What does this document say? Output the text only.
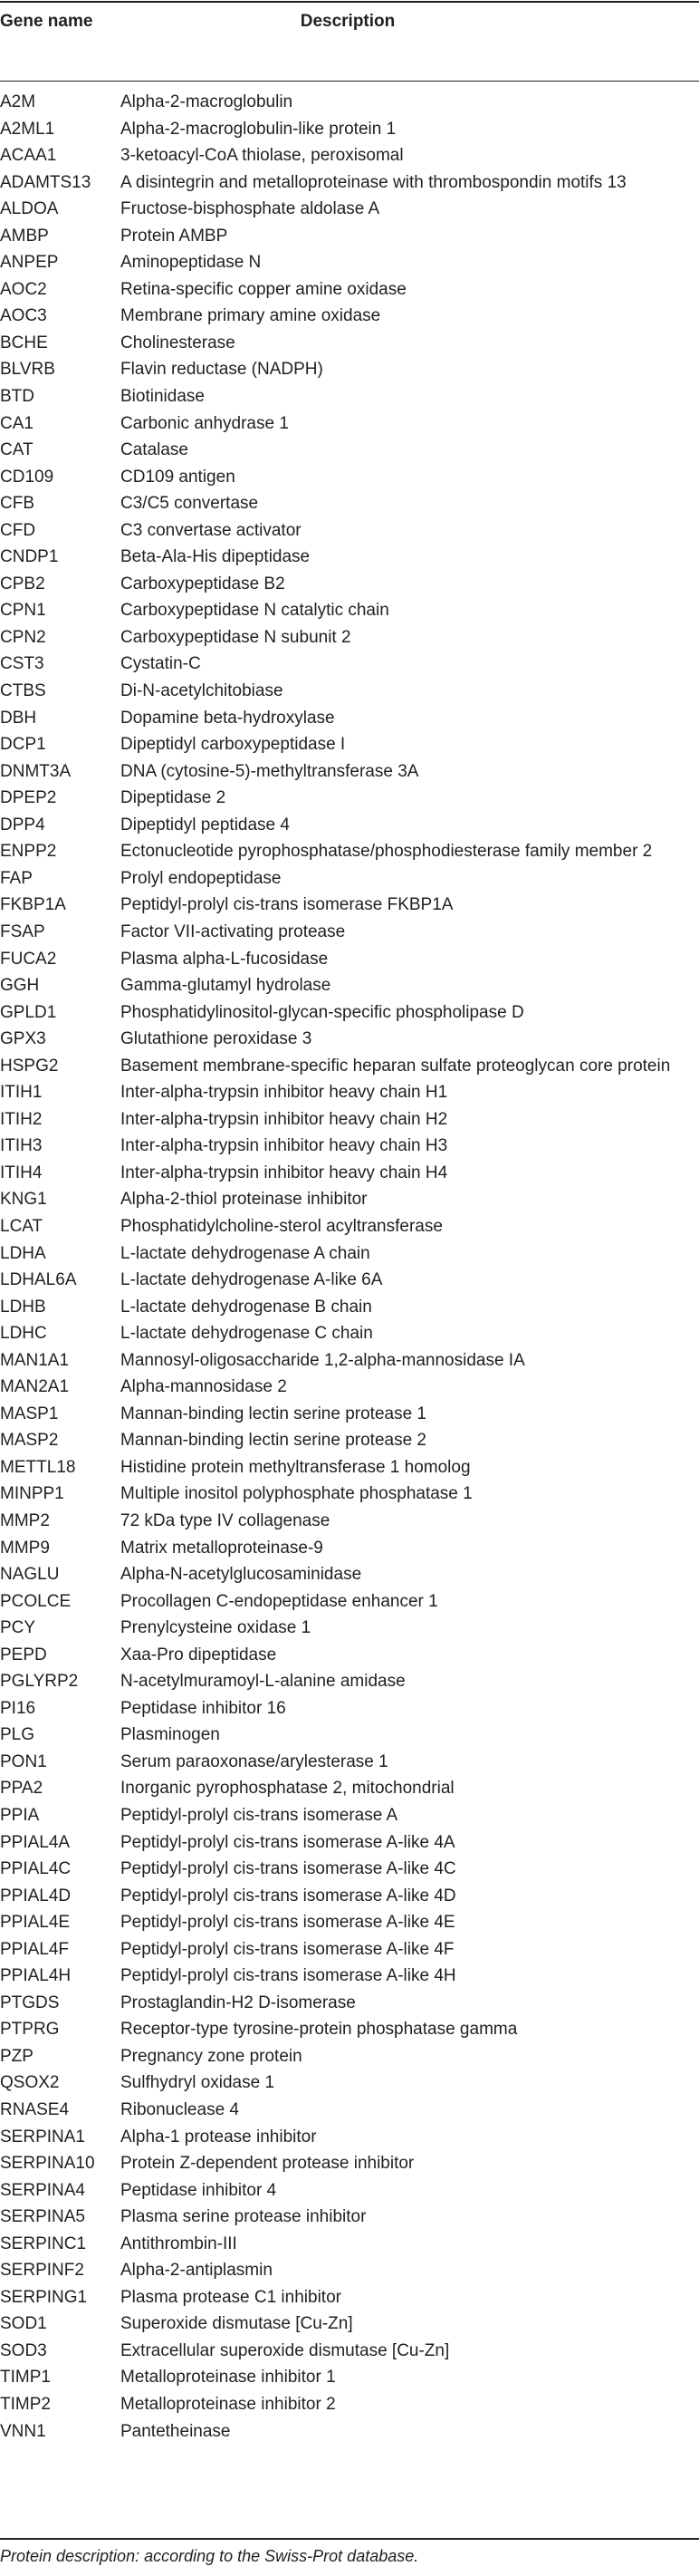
Gene name	Description
A2M	Alpha-2-macroglobulin
A2ML1	Alpha-2-macroglobulin-like protein 1
ACAA1	3-ketoacyl-CoA thiolase, peroxisomal
ADAMTS13	A disintegrin and metalloproteinase with thrombospondin motifs 13
ALDOA	Fructose-bisphosphate aldolase A
AMBP	Protein AMBP
ANPEP	Aminopeptidase N
AOC2	Retina-specific copper amine oxidase
AOC3	Membrane primary amine oxidase
BCHE	Cholinesterase
BLVRB	Flavin reductase (NADPH)
BTD	Biotinidase
CA1	Carbonic anhydrase 1
CAT	Catalase
CD109	CD109 antigen
CFB	C3/C5 convertase
CFD	C3 convertase activator
CNDP1	Beta-Ala-His dipeptidase
CPB2	Carboxypeptidase B2
CPN1	Carboxypeptidase N catalytic chain
CPN2	Carboxypeptidase N subunit 2
CST3	Cystatin-C
CTBS	Di-N-acetylchitobiase
DBH	Dopamine beta-hydroxylase
DCP1	Dipeptidyl carboxypeptidase I
DNMT3A	DNA (cytosine-5)-methyltransferase 3A
DPEP2	Dipeptidase 2
DPP4	Dipeptidyl peptidase 4
ENPP2	Ectonucleotide pyrophosphatase/phosphodiesterase family member 2
FAP	Prolyl endopeptidase
FKBP1A	Peptidyl-prolyl cis-trans isomerase FKBP1A
FSAP	Factor VII-activating protease
FUCA2	Plasma alpha-L-fucosidase
GGH	Gamma-glutamyl hydrolase
GPLD1	Phosphatidylinositol-glycan-specific phospholipase D
GPX3	Glutathione peroxidase 3
HSPG2	Basement membrane-specific heparan sulfate proteoglycan core protein
ITIH1	Inter-alpha-trypsin inhibitor heavy chain H1
ITIH2	Inter-alpha-trypsin inhibitor heavy chain H2
ITIH3	Inter-alpha-trypsin inhibitor heavy chain H3
ITIH4	Inter-alpha-trypsin inhibitor heavy chain H4
KNG1	Alpha-2-thiol proteinase inhibitor
LCAT	Phosphatidylcholine-sterol acyltransferase
LDHA	L-lactate dehydrogenase A chain
LDHAL6A	L-lactate dehydrogenase A-like 6A
LDHB	L-lactate dehydrogenase B chain
LDHC	L-lactate dehydrogenase C chain
MAN1A1	Mannosyl-oligosaccharide 1,2-alpha-mannosidase IA
MAN2A1	Alpha-mannosidase 2
MASP1	Mannan-binding lectin serine protease 1
MASP2	Mannan-binding lectin serine protease 2
METTL18	Histidine protein methyltransferase 1 homolog
MINPP1	Multiple inositol polyphosphate phosphatase 1
MMP2	72 kDa type IV collagenase
MMP9	Matrix metalloproteinase-9
NAGLU	Alpha-N-acetylglucosaminidase
PCOLCE	Procollagen C-endopeptidase enhancer 1
PCY	Prenylcysteine oxidase 1
PEPD	Xaa-Pro dipeptidase
PGLYRP2	N-acetylmuramoyl-L-alanine amidase
PI16	Peptidase inhibitor 16
PLG	Plasminogen
PON1	Serum paraoxonase/arylesterase 1
PPA2	Inorganic pyrophosphatase 2, mitochondrial
PPIA	Peptidyl-prolyl cis-trans isomerase A
PPIAL4A	Peptidyl-prolyl cis-trans isomerase A-like 4A
PPIAL4C	Peptidyl-prolyl cis-trans isomerase A-like 4C
PPIAL4D	Peptidyl-prolyl cis-trans isomerase A-like 4D
PPIAL4E	Peptidyl-prolyl cis-trans isomerase A-like 4E
PPIAL4F	Peptidyl-prolyl cis-trans isomerase A-like 4F
PPIAL4H	Peptidyl-prolyl cis-trans isomerase A-like 4H
PTGDS	Prostaglandin-H2 D-isomerase
PTPRG	Receptor-type tyrosine-protein phosphatase gamma
PZP	Pregnancy zone protein
QSOX2	Sulfhydryl oxidase 1
RNASE4	Ribonuclease 4
SERPINA1	Alpha-1 protease inhibitor
SERPINA10	Protein Z-dependent protease inhibitor
SERPINA4	Peptidase inhibitor 4
SERPINA5	Plasma serine protease inhibitor
SERPINC1	Antithrombin-III
SERPINF2	Alpha-2-antiplasmin
SERPING1	Plasma protease C1 inhibitor
SOD1	Superoxide dismutase [Cu-Zn]
SOD3	Extracellular superoxide dismutase [Cu-Zn]
TIMP1	Metalloproteinase inhibitor 1
TIMP2	Metalloproteinase inhibitor 2
VNN1	Pantetheinase
Protein description: according to the Swiss-Prot database.
